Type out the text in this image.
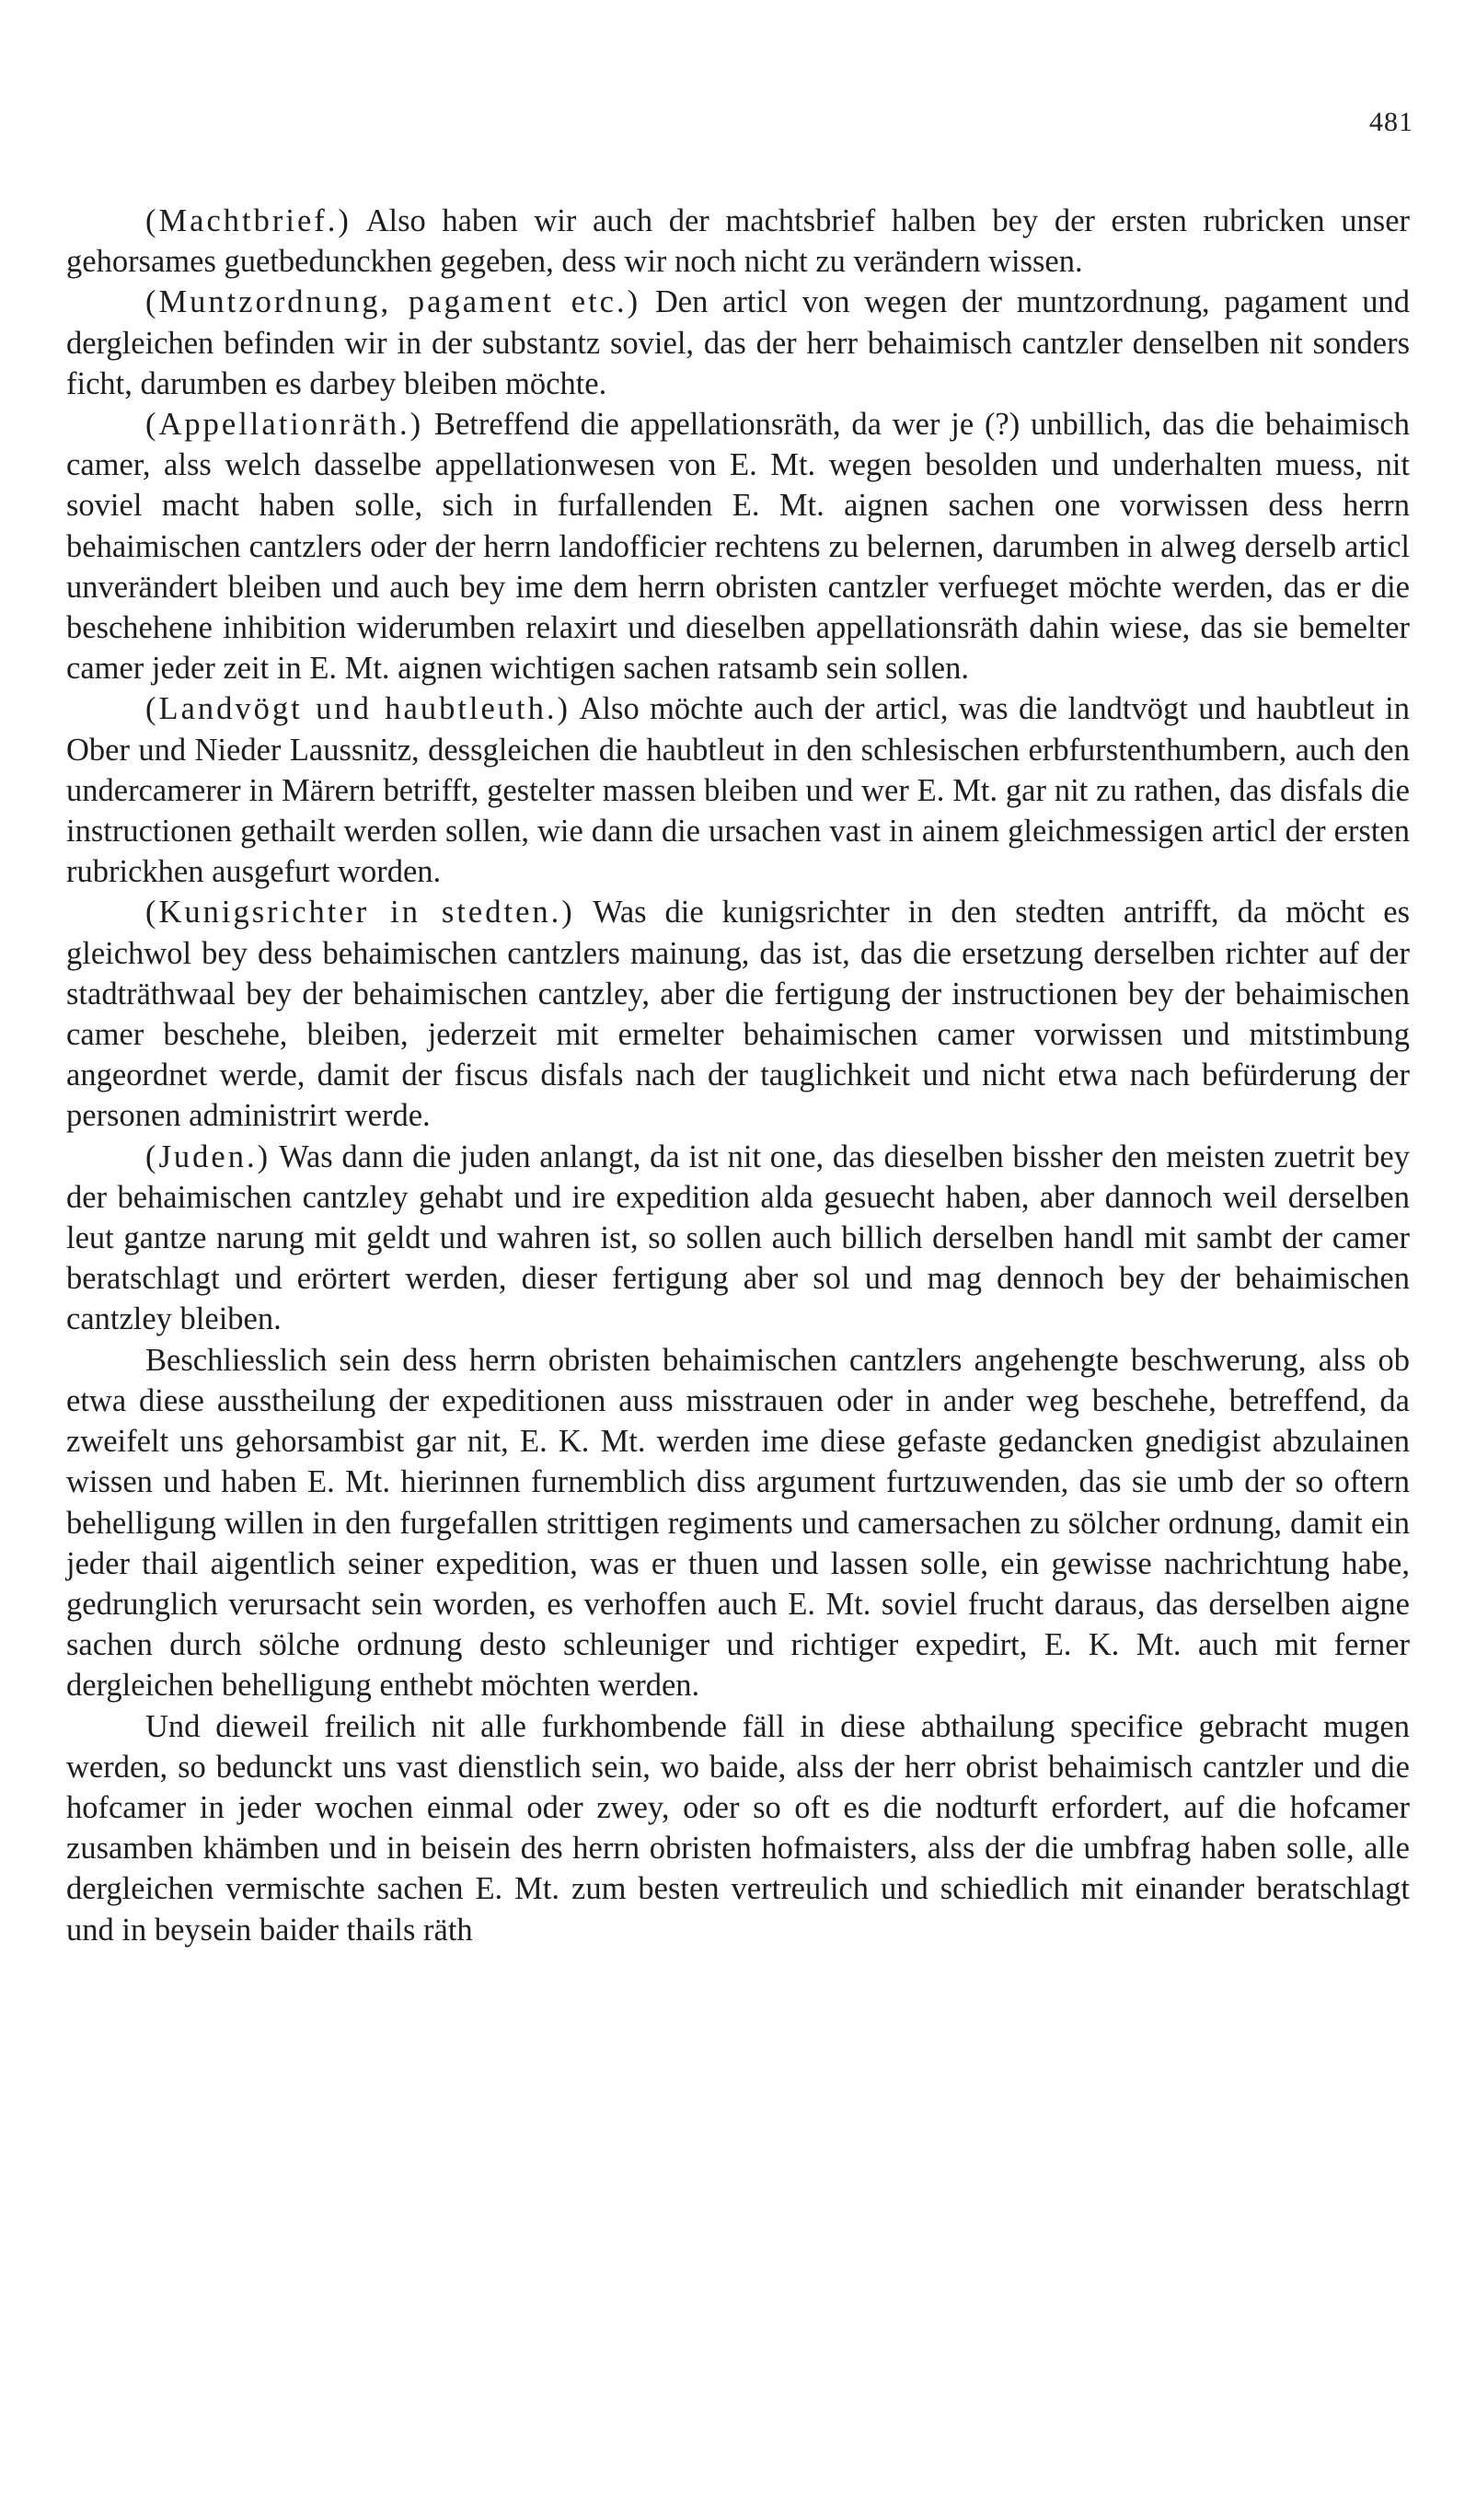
481

(Machtbrief.) Also haben wir auch der machtsbrief halben bey der ersten rubricken unser gehorsames guetbedunckhen gegeben, dess wir noch nicht zu verändern wissen.

(Muntzordnung, pagament etc.) Den articl von wegen der muntzordnung, pagament und dergleichen befinden wir in der substantz soviel, das der herr behaimisch cantzler denselben nit sonders ficht, darumben es darbey bleiben möchte.

(Appellationräth.) Betreffend die appellationsräth, da wer je (?) unbillich, das die behaimisch camer, alss welch dasselbe appellationwesen von E. Mt. wegen besolden und underhalten muess, nit soviel macht haben solle, sich in furfallenden E. Mt. aignen sachen one vorwissen dess herrn behaimischen cantzlers oder der herrn landofficier rechtens zu belernen, darumben in alweg derselb articl unverändert bleiben und auch bey ime dem herrn obristen cantzler verfueget möchte werden, das er die beschehene inhibition widerumben relaxirt und dieselben appellationsräth dahin wiese, das sie bemelter camer jeder zeit in E. Mt. aignen wichtigen sachen ratsamb sein sollen.

(Landvögt und haubtleuth.) Also möchte auch der articl, was die landtvögt und haubtleut in Ober und Nieder Laussnitz, dessgleichen die haubtleut in den schlesischen erbfurstenthumbern, auch den undercamerer in Märern betrifft, gestelter massen bleiben und wer E. Mt. gar nit zu rathen, das disfals die instructionen gethailt werden sollen, wie dann die ursachen vast in ainem gleichmessigen articl der ersten rubrickhen ausgefurt worden.

(Kunigsrichter in stedten.) Was die kunigsrichter in den stedten antrifft, da möcht es gleichwol bey dess behaimischen cantzlers mainung, das ist, das die ersetzung derselben richter auf der stadträthwaal bey der behaimischen cantzley, aber die fertigung der instructionen bey der behaimischen camer beschehe, bleiben, jederzeit mit ermelter behaimischen camer vorwissen und mitstimbung angeordnet werde, damit der fiscus disfals nach der tauglichkeit und nicht etwa nach befürderung der personen administrirt werde.

(Juden.) Was dann die juden anlangt, da ist nit one, das dieselben bissher den meisten zuetrit bey der behaimischen cantzley gehabt und ire expedition alda gesuecht haben, aber dannoch weil derselben leut gantze narung mit geldt und wahren ist, so sollen auch billich derselben handl mit sambt der camer beratschlagt und erörtert werden, dieser fertigung aber sol und mag dennoch bey der behaimischen cantzley bleiben.

Beschliesslich sein dess herrn obristen behaimischen cantzlers angehengte beschwerung, alss ob etwa diese ausstheilung der expeditionen auss misstrauen oder in ander weg beschehe, betreffend, da zweifelt uns gehorsambist gar nit, E. K. Mt. werden ime diese gefaste gedancken gnedigist abzulainen wissen und haben E. Mt. hierinnen furnemblich diss argument furtzuwenden, das sie umb der so oftern behelligung willen in den furgefallen strittigen regiments und camersachen zu sölcher ordnung, damit ein jeder thail aigentlich seiner expedition, was er thuen und lassen solle, ein gewisse nachrichtung habe, gedrunglich verursacht sein worden, es verhoffen auch E. Mt. soviel frucht daraus, das derselben aigne sachen durch sölche ordnung desto schleuniger und richtiger expedirt, E. K. Mt. auch mit ferner dergleichen behelligung enthebt möchten werden.

Und dieweil freilich nit alle furkhombende fäll in diese abthailung specifice gebracht mugen werden, so bedunckt uns vast dienstlich sein, wo baide, alss der herr obrist behaimisch cantzler und die hofcamer in jeder wochen einmal oder zwey, oder so oft es die nodturft erfordert, auf die hofcamer zusamben khämben und in beisein des herrn obristen hofmaisters, alss der die umbfrag haben solle, alle dergleichen vermischte sachen E. Mt. zum besten vertreulich und schiedlich mit einander beratschlagt und in beysein baider thails räth
